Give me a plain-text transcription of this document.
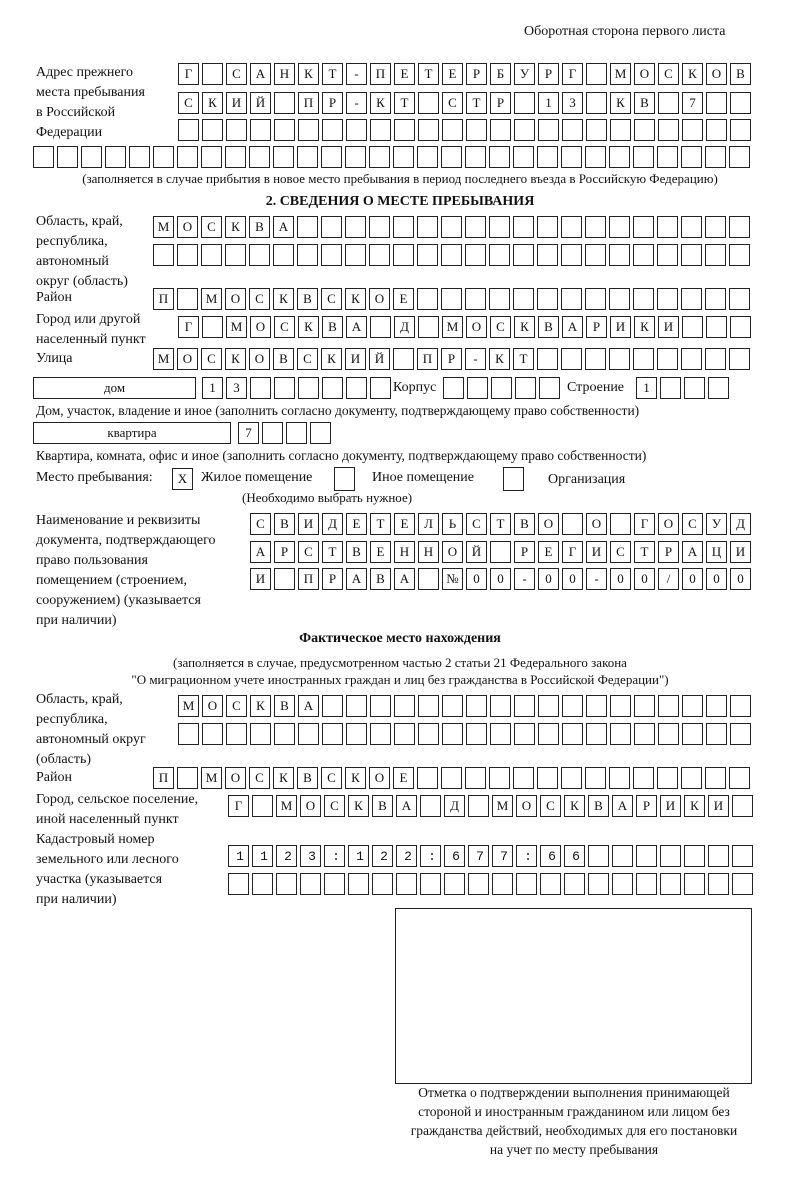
Оборотная сторона первого листа
Адрес прежнего
места пребывания
в Российской
Федерации
Г	С	А	Н	К	Т	-	П	Е	Т	Е	Р	Б	У	Р	Г	М	О	С	К	О	В
С	К	И	Й	П	Р	-	К	Т	С	Т	Р	1	3	К	В	7
(заполняется в случае прибытия в новое место пребывания в период последнего въезда в Российскую Федерацию)
2. СВЕДЕНИЯ О МЕСТЕ ПРЕБЫВАНИЯ
Область, край,
республика,
автономный
округ (область)
М	О	С	К	В	А
Район	П	М	О	С	К	В	С	К	О	Е
Город или другой
населенный пункт
Г	М	О	С	К	В	А	Д	М	О	С	К	В	А	Р	И	К	И
Улица	М	О	С	К	О	В	С	К	И	Й	П	Р	-	К	Т
дом	1	3	Корпус	Строение	1
Дом, участок, владение и иное (заполнить согласно документу, подтверждающему право собственности)
квартира	7
Квартира, комната, офис и иное (заполнить согласно документу, подтверждающему право собственности)
Место пребывания:	X Жилое помещение	Иное помещение	Организация
(Необходимо выбрать нужное)
Наименование и реквизиты
документа, подтверждающего
право пользования
помещением (строением,
сооружением) (указывается
при наличии)
С	В	И	Д	Е	Т	Е	Л	Ь	С	Т	В	О	О	Г	О	С	У	Д
А	Р	С	Т	В	Е	Н	Н	О	Й	Р	Е	Г	И	С	Т	Р	А	Ц	И
И	П	Р	А	В	А	№	0	0	-	0	0	-	0	0	/	0	0	0
Фактическое место нахождения
(заполняется в случае, предусмотренном частью 2 статьи 21 Федерального закона
"О миграционном учете иностранных граждан и лиц без гражданства в Российской Федерации")
Область, край,
республика,
автономный округ
(область)
М	О	С	К	В	А
Район	П	М	О	С	К	В	С	К	О	Е
Город, сельское поселение,
иной населенный пункт
Г	М	О	С	К	В	А	Д	М	О	С	К	В	А	Р	И	К	И
Кадастровый номер
земельного или лесного
участка (указывается
при наличии)
1123:122:677:66
Отметка о подтверждении выполнения принимающей
стороной и иностранным гражданином или лицом без
гражданства действий, необходимых для его постановки
на учет по месту пребывания
